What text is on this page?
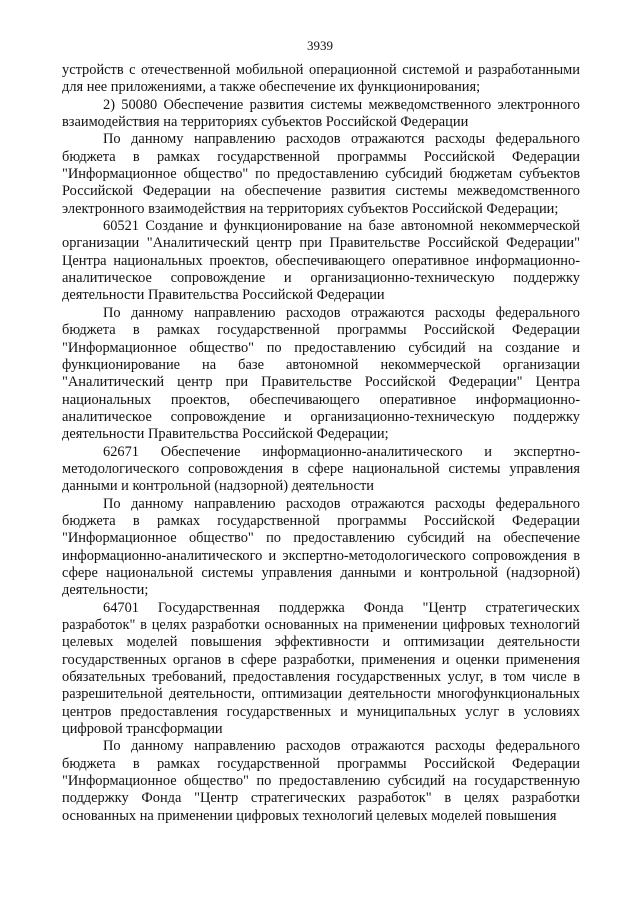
3939

устройств с отечественной мобильной операционной системой и разработанными для нее приложениями, а также обеспечение их функционирования;

2) 50080 Обеспечение развития системы межведомственного электронного взаимодействия на территориях субъектов Российской Федерации

По данному направлению расходов отражаются расходы федерального бюджета в рамках государственной программы Российской Федерации "Информационное общество" по предоставлению субсидий бюджетам субъектов Российской Федерации на обеспечение развития системы межведомственного электронного взаимодействия на территориях субъектов Российской Федерации;

60521 Создание и функционирование на базе автономной некоммерческой организации "Аналитический центр при Правительстве Российской Федерации" Центра национальных проектов, обеспечивающего оперативное информационно-аналитическое сопровождение и организационно-техническую поддержку деятельности Правительства Российской Федерации

По данному направлению расходов отражаются расходы федерального бюджета в рамках государственной программы Российской Федерации "Информационное общество" по предоставлению субсидий на создание и функционирование на базе автономной некоммерческой организации "Аналитический центр при Правительстве Российской Федерации" Центра национальных проектов, обеспечивающего оперативное информационно-аналитическое сопровождение и организационно-техническую поддержку деятельности Правительства Российской Федерации;

62671 Обеспечение информационно-аналитического и экспертно-методологического сопровождения в сфере национальной системы управления данными и контрольной (надзорной) деятельности

По данному направлению расходов отражаются расходы федерального бюджета в рамках государственной программы Российской Федерации "Информационное общество" по предоставлению субсидий на обеспечение информационно-аналитического и экспертно-методологического сопровождения в сфере национальной системы управления данными и контрольной (надзорной) деятельности;

64701 Государственная поддержка Фонда "Центр стратегических разработок" в целях разработки основанных на применении цифровых технологий целевых моделей повышения эффективности и оптимизации деятельности государственных органов в сфере разработки, применения и оценки применения обязательных требований, предоставления государственных услуг, в том числе в разрешительной деятельности, оптимизации деятельности многофункциональных центров предоставления государственных и муниципальных услуг в условиях цифровой трансформации

По данному направлению расходов отражаются расходы федерального бюджета в рамках государственной программы Российской Федерации "Информационное общество" по предоставлению субсидий на государственную поддержку Фонда "Центр стратегических разработок" в целях разработки основанных на применении цифровых технологий целевых моделей повышения
